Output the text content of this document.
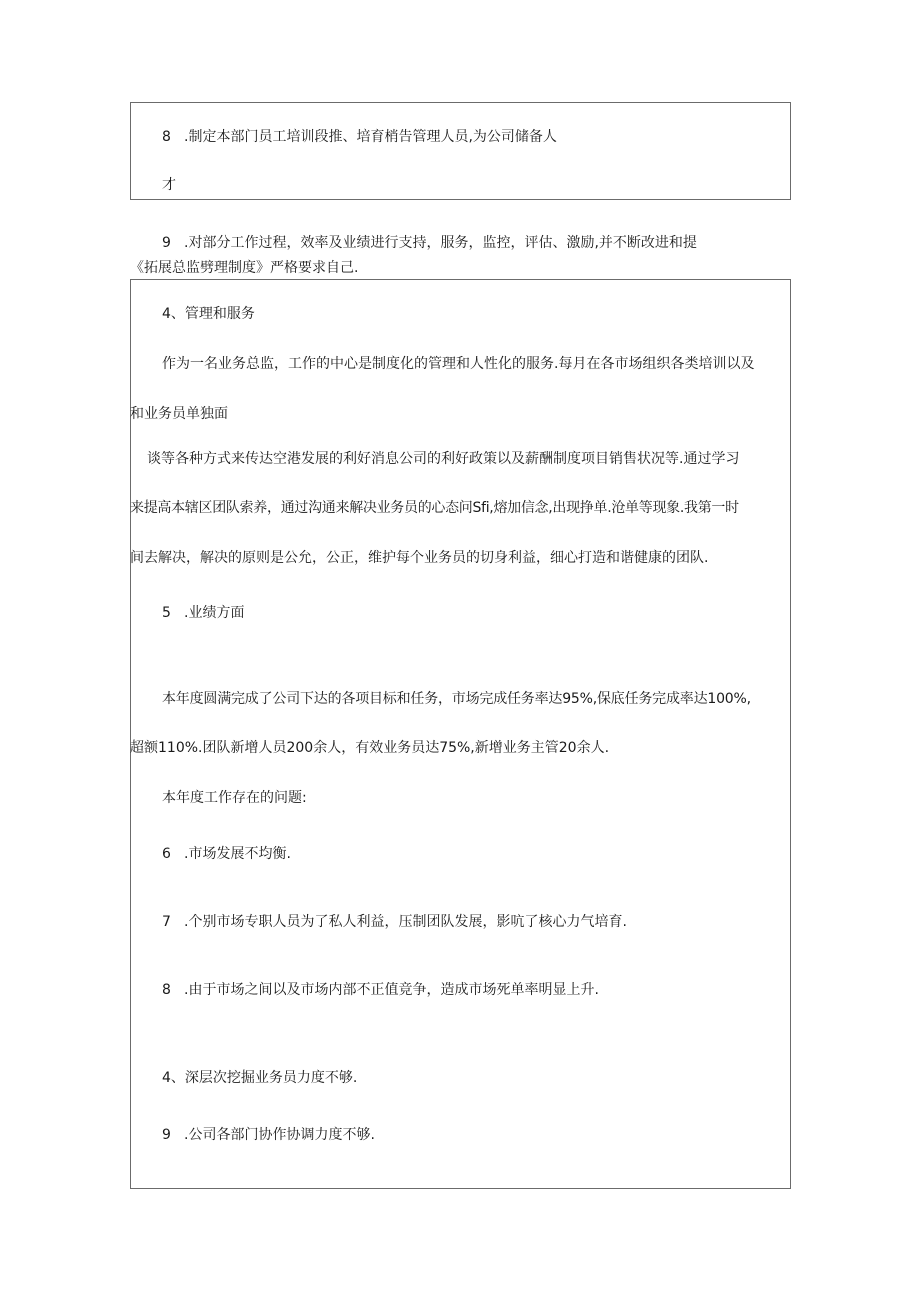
8 .制定本部门员工培训段推、培育梢告管理人员,为公司储备人
才
9 .对部分工作过程，效率及业绩进行支持，服务，监控，评估、激励,并不断改进和提
《拓展总监劈理制度》严格要求自己.
4、管理和服务
作为一名业务总监，工作的中心是制度化的管理和人性化的服务.每月在各市场组织各类培训以及
和业务员单独面
谈等各种方式来传达空港发展的利好消息公司的利好政策以及薪酬制度项目销售状况等.通过学习
来提高本辖区团队索养，通过沟通来解决业务员的心态问Sfi,熔加信念,出现挣单.沧单等现象.我第一时
间去解决，解决的原则是公允，公正，维护每个业务员的切身利益，细心打造和谐健康的团队.
5 .业绩方面
本年度圆满完成了公司下达的各项目标和任务，市场完成任务率达95%,保底任务完成率达100%,
超额110%.团队新增人员200余人，有效业务员达75%,新增业务主管20余人.
本年度工作存在的问题:
6 .市场发展不均衡.
7 .个别市场专职人员为了私人利益，压制团队发展，影吭了核心力气培育.
8 .由于市场之间以及市场内部不正值竞争，造成市场死单率明显上升.
4、深层次挖掘业务员力度不够.
9 .公司各部门协作协调力度不够.
